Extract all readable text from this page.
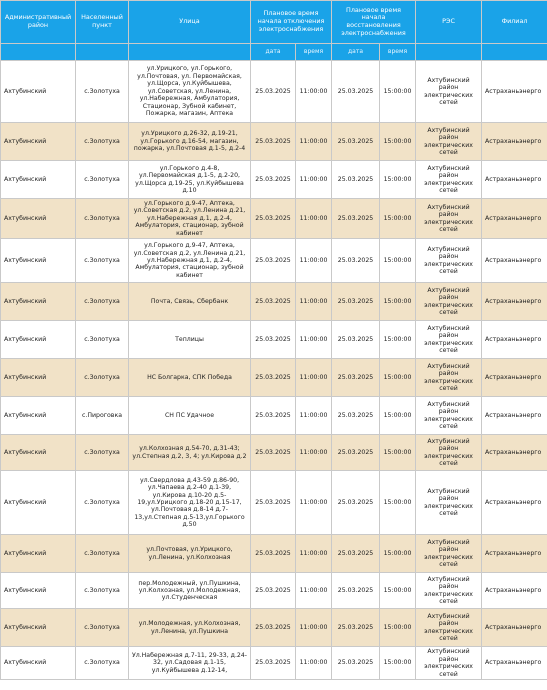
Административный район	Населенный пункт	Улица	Плановое время начала отключения электроснабжения		Плановое время начала восстановления электроснабжения		РЭС	Филиал
			дата	время	дата	время		
Ахтубинский	с.Золотуха	ул.Урицкого, ул.Горького, ул.Почтовая, ул. Первомайская, ул.Щорса, ул.Куйбышева, ул.Советская, ул.Ленина, ул.Набережная, Амбулатория, Стационар, Зубной кабинет, Пожарка, магазин, Аптека	25.03.2025	11:00:00	25.03.2025	15:00:00	Ахтубинский район электрических сетей	Астраханьэнерго
Ахтубинский	с.Золотуха	ул.Урицкого д.26-32, д.19-21, ул.Горького д.16-54, магазин, пожарка, ул.Почтовая д.1-5, д.2-4	25.03.2025	11:00:00	25.03.2025	15:00:00	Ахтубинский район электрических сетей	Астраханьэнерго
Ахтубинский	с.Золотуха	ул.Горького д.4-8, ул.Первомайская д.1-5, д.2-20, ул.Щорса д.19-25, ул.Куйбышева д.10	25.03.2025	11:00:00	25.03.2025	15:00:00	Ахтубинский район электрических сетей	Астраханьэнерго
Ахтубинский	с.Золотуха	ул.Горького д.9-47, Аптека, ул.Советская д.2, ул.Ленина д.21, ул.Набережная д.1, д.2-4, Амбулатория, стационар, зубной кабинет	25.03.2025	11:00:00	25.03.2025	15:00:00	Ахтубинский район электрических сетей	Астраханьэнерго
Ахтубинский	с.Золотуха	ул.Горького д.9-47, Аптека, ул.Советская д.2, ул.Ленина д.21, ул.Набережная д.1, д.2-4, Амбулатория, стационар, зубной кабинет	25.03.2025	11:00:00	25.03.2025	15:00:00	Ахтубинский район электрических сетей	Астраханьэнерго
Ахтубинский	с.Золотуха	Почта, Связь, Сбербанк	25.03.2025	11:00:00	25.03.2025	15:00:00	Ахтубинский район электрических сетей	Астраханьэнерго
Ахтубинский	с.Золотуха	Теплицы	25.03.2025	11:00:00	25.03.2025	15:00:00	Ахтубинский район электрических сетей	Астраханьэнерго
Ахтубинский	с.Золотуха	НС Болгарка, СПК Победа	25.03.2025	11:00:00	25.03.2025	15:00:00	Ахтубинский район электрических сетей	Астраханьэнерго
Ахтубинский	с.Пироговка	СН ПС Удачное	25.03.2025	11:00:00	25.03.2025	15:00:00	Ахтубинский район электрических сетей	Астраханьэнерго
Ахтубинский	с.Золотуха	ул.Колхозная д.54-70, д.31-43; ул.Степная д.2, 3, 4; ул.Кирова д.2	25.03.2025	11:00:00	25.03.2025	15:00:00	Ахтубинский район электрических сетей	Астраханьэнерго
Ахтубинский	с.Золотуха	ул.Свердлова д.43-59 д.86-90, ул.Чапаева д.2-40 д.1-39, ул.Кирова д.10-20 д.5-19,ул.Урицкого д.18-20 д.15-17, ул.Почтовая д.8-14 д.7-13,ул.Степная д.5-13,ул.Горького д.50	25.03.2025	11:00:00	25.03.2025	15:00:00	Ахтубинский район электрических сетей	Астраханьэнерго
Ахтубинский	с.Золотуха	ул.Почтовая, ул.Урицкого, ул.Ленина, ул.Колхозная	25.03.2025	11:00:00	25.03.2025	15:00:00	Ахтубинский район электрических сетей	Астраханьэнерго
Ахтубинский	с.Золотуха	пер.Молодежный, ул.Пушкина, ул.Колхозная, ул.Молодежная, ул.Студенческая	25.03.2025	11:00:00	25.03.2025	15:00:00	Ахтубинский район электрических сетей	Астраханьэнерго
Ахтубинский	с.Золотуха	ул.Молодежная, ул.Колхозная, ул.Ленина, ул.Пушкина	25.03.2025	11:00:00	25.03.2025	15:00:00	Ахтубинский район электрических сетей	Астраханьэнерго
Ахтубинский	с.Золотуха	Ул.Набережная д.7-11, 29-33, д.24-32, ул.Садовая д.1-15, ул.Куйбышева д.12-14,	25.03.2025	11:00:00	25.03.2025	15:00:00	Ахтубинский район электрических сетей	Астраханьэнерго
